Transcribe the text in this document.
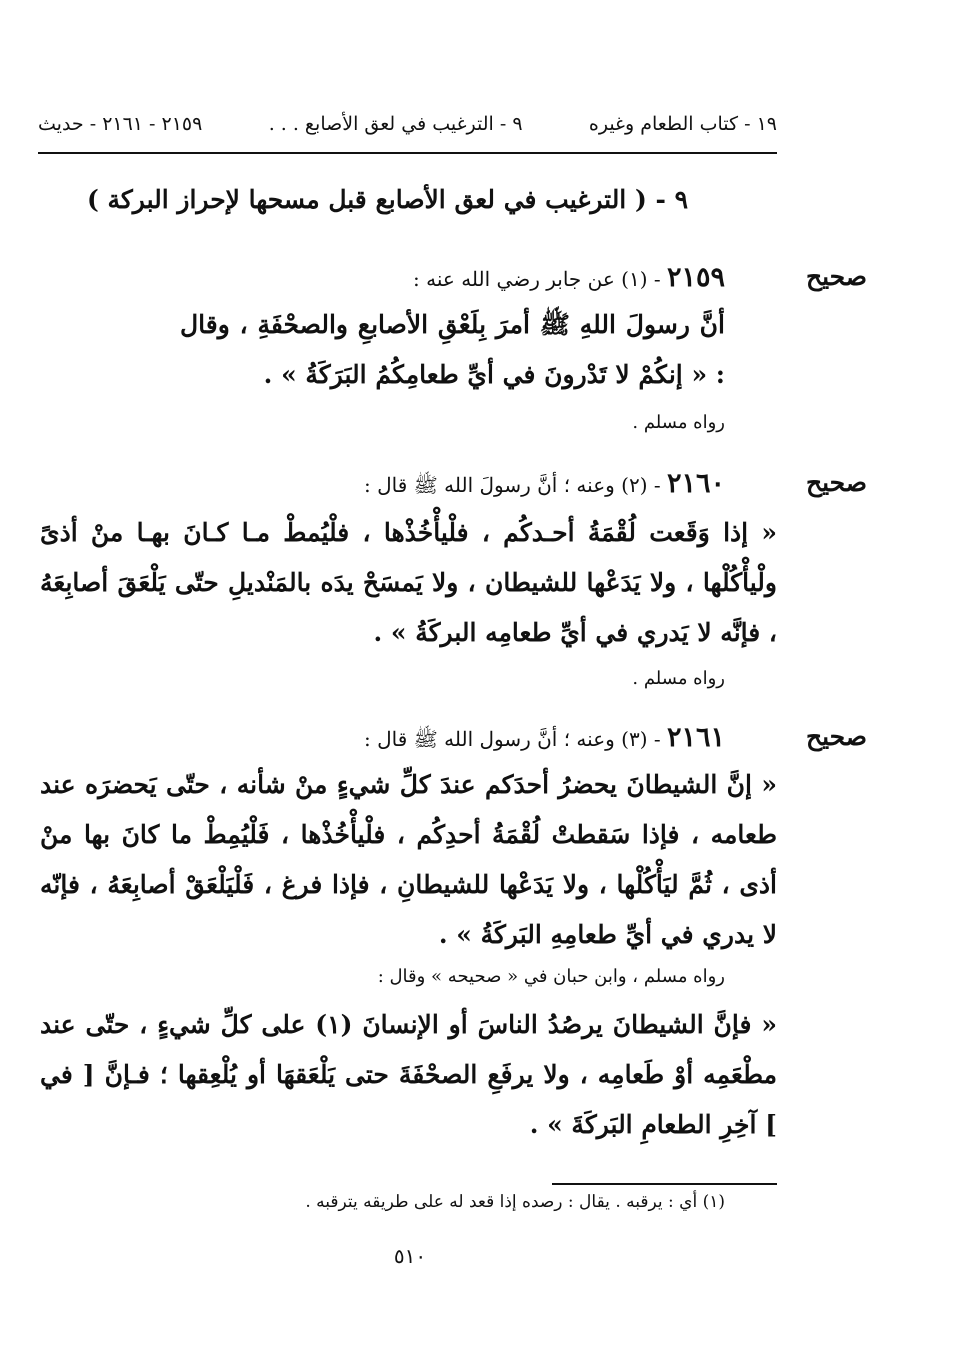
١٩ - كتاب الطعام وغيره
٩ - الترغيب في لعق الأصابع . . .
٢١٥٩ - ٢١٦١ - حديث
٩ - ( الترغيب في لعق الأصابع قبل مسحها لإحراز البركة )
صحيح
٢١٥٩ - (١) عن جابر رضي الله عنه :
أنَّ رسولَ اللهِ ﷺ أمرَ بِلَعْقِ الأصابعِ والصحْفَةِ ، وقال : « إنكُمْ لا تَدْرونَ في أيِّ طعامِكُمُ البَرَكَةُ » .
رواه مسلم .
صحيح
٢١٦٠ - (٢) وعنه ؛ أنَّ رسولَ الله ﷺ قال :
« إذا وَقَعت لُقْمَةُ أحـدكُم ، فلْيأْخُذْها ، فلْيُمطْ مـا كـانَ بهـا منْ أذىً ولْيأْكُلْها ، ولا يَدَعْها للشيطان ، ولا يَمسَحْ يدَه بالمَنْديلِ حتّى يَلْعَقَ أصابِعَهُ ، فإنَّه لا يَدري في أيِّ طعامِه البركَةُ » .
رواه مسلم .
صحيح
٢١٦١ - (٣) وعنه ؛ أنَّ رسول الله ﷺ قال :
« إنَّ الشيطانَ يحضرُ أحدَكم عندَ كلِّ شيءٍ منْ شأنه ، حتّى يَحضرَه عند طعامه ، فإذا سَقطتْ لُقْمَةُ أحدِكُم ، فلْيأْخُذْها ، فَلْيُمِطْ ما كانَ بها منْ أذى ، ثُمَّ ليَأْكُلْها ، ولا يَدَعْها للشيطانِ ، فإذا فرغ ، فَلْيَلْعَقْ أصابِعَهُ ، فإنّه لا يدري في أيِّ طعامِهِ البَركَةُ » .
رواه مسلم ، وابن حبان في « صحيحه » وقال :
« فإنَّ الشيطانَ يرصُدُ الناسَ أو الإنسانَ (١) على كلِّ شيءٍ ، حتّى عند مطْعَمِه أوْ طَعامِه ، ولا يرفَعِ الصحْفَةَ حتى يَلْعَقهَا أو يُلْعِقها ؛ فـإنَّ [ في ] آخِرِ الطعامِ البَركَةَ » .
(١) أي : يرقبه . يقال : رصده إذا قعد له على طريقه يترقبه .
٥١٠
